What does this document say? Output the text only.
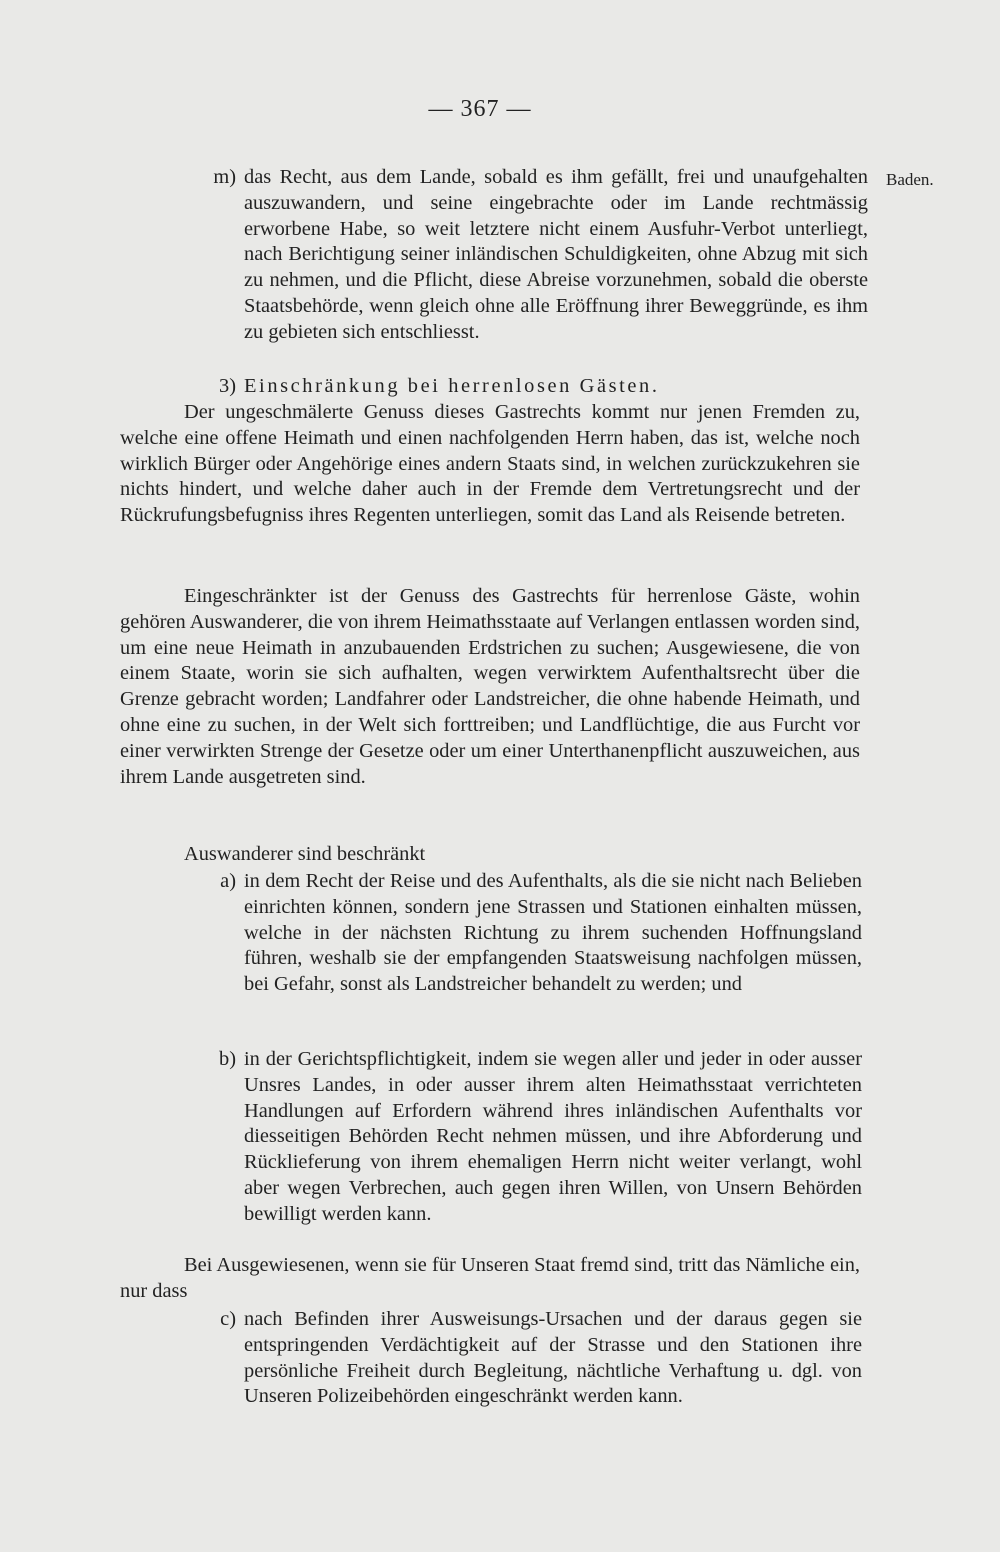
— 367 —
Baden.
m) das Recht, aus dem Lande, sobald es ihm gefällt, frei und unaufgehalten auszuwandern, und seine eingebrachte oder im Lande rechtmässig erworbene Habe, so weit letztere nicht einem Ausfuhr-Verbot unterliegt, nach Berichtigung seiner inländischen Schuldigkeiten, ohne Abzug mit sich zu nehmen, und die Pflicht, diese Abreise vorzunehmen, sobald die oberste Staatsbehörde, wenn gleich ohne alle Eröffnung ihrer Beweggründe, es ihm zu gebieten sich entschliesst.
3) Einschränkung bei herrenlosen Gästen.

Der ungeschmälerte Genuss dieses Gastrechts kommt nur jenen Fremden zu, welche eine offene Heimath und einen nachfolgenden Herrn haben, das ist, welche noch wirklich Bürger oder Angehörige eines andern Staats sind, in welchen zurückzukehren sie nichts hindert, und welche daher auch in der Fremde dem Vertretungsrecht und der Rückrufungsbefugniss ihres Regenten unterliegen, somit das Land als Reisende betreten.

Eingeschränkter ist der Genuss des Gastrechts für herrenlose Gäste, wohin gehören Auswanderer, die von ihrem Heimathsstaate auf Verlangen entlassen worden sind, um eine neue Heimath in anzubauenden Erdstrichen zu suchen; Ausgewiesene, die von einem Staate, worin sie sich aufhalten, wegen verwirktem Aufenthaltsrecht über die Grenze gebracht worden; Landfahrer oder Landstreicher, die ohne habende Heimath, und ohne eine zu suchen, in der Welt sich forttreiben; und Landflüchtige, die aus Furcht vor einer verwirkten Strenge der Gesetze oder um einer Unterthanenpflicht auszuweichen, aus ihrem Lande ausgetreten sind.

Auswanderer sind beschränkt

a) in dem Recht der Reise und des Aufenthalts, als die sie nicht nach Belieben einrichten können, sondern jene Strassen und Stationen einhalten müssen, welche in der nächsten Richtung zu ihrem suchenden Hoffnungsland führen, weshalb sie der empfangenden Staatsweisung nachfolgen müssen, bei Gefahr, sonst als Landstreicher behandelt zu werden; und
b) in der Gerichtspflichtigkeit, indem sie wegen aller und jeder in oder ausser Unsres Landes, in oder ausser ihrem alten Heimathsstaat verrichteten Handlungen auf Erfordern während ihres inländischen Aufenthalts vor diesseitigen Behörden Recht nehmen müssen, und ihre Abforderung und Rücklieferung von ihrem ehemaligen Herrn nicht weiter verlangt, wohl aber wegen Verbrechen, auch gegen ihren Willen, von Unsern Behörden bewilligt werden kann.

Bei Ausgewiesenen, wenn sie für Unseren Staat fremd sind, tritt das Nämliche ein, nur dass

c) nach Befinden ihrer Ausweisungs-Ursachen und der daraus gegen sie entspringenden Verdächtigkeit auf der Strasse und den Stationen ihre persönliche Freiheit durch Begleitung, nächtliche Verhaftung u. dgl. von Unseren Polizeibehörden eingeschränkt werden kann.
